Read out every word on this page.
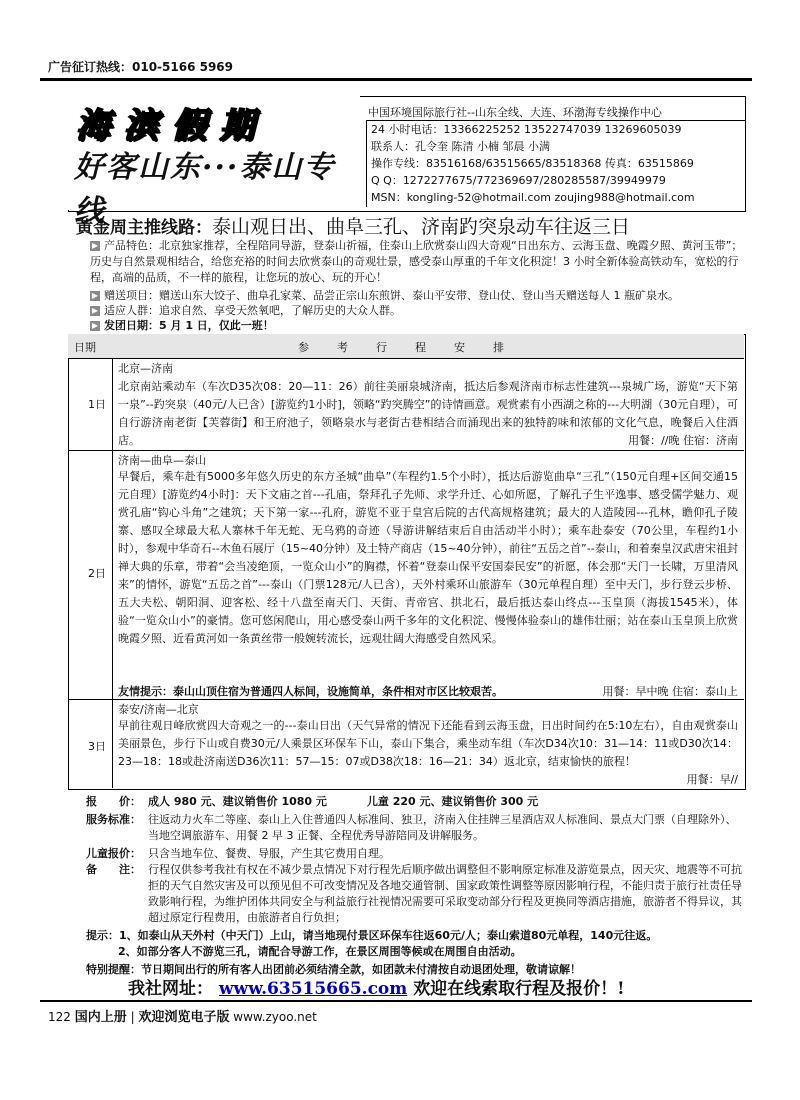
广告征订热线：010-5166 5969
海滨假期
好客山东···泰山专线
中国环境国际旅行社--山东全线、大连、环渤海专线操作中心
24 小时电话：13366225252 13522747039 13269605039
联系人：孔令奎 陈清 小楠 邹晨 小满
操作专线：83516168/63515665/83518368 传真：63515869
Q Q：1272277675/772369697/280285587/39949979
MSN：kongling-52@hotmail.com zoujing988@hotmail.com
黄金周主推线路：泰山观日出、曲阜三孔、济南趵突泉动车往返三日
▶ 产品特色：北京独家推荐，全程陪同导游，登泰山祈福，住泰山上欣赏泰山四大奇观“日出东方、云海玉盘、晚霞夕照、黄河玉带”；历史与自然景观相结合，给您充裕的时间去欣赏泰山的奇观壮景，感受泰山厚重的千年文化积淀！3 小时全新体验高铁动车，宽松的行程，高端的品质，不一样的旅程，让您玩的放心、玩的开心！
▶ 赠送项目：赠送山东大饺子、曲阜孔家菜、品尝正宗山东煎饼、泰山平安带、登山仗、登山当天赠送每人 1 瓶矿泉水。
▶ 适应人群：追求自然、享受天然氧吧，了解历史的大众人群。
▶ 发团日期：5 月 1 日，仅此一班！
日期	参考行程安排
1日
北京—济南
北京南站乘动车（车次D35次08：20—11：26）前往美丽泉城济南，抵达后参观济南市标志性建筑---泉城广场，游览“天下第一泉”--趵突泉（40元/人已含）[游览约1小时]，领略“趵突腾空”的诗情画意。观赏素有小西湖之称的---大明湖（30元自理），可自行游济南老街【芙蓉街】和王府池子，领略泉水与老街古巷相结合而涌现出来的独特韵味和浓郁的文化气息，晚餐后入住酒店。	用餐：//晚 住宿：济南
2日
济南—曲阜—泰山
早餐后，乘车赴有5000多年悠久历史的东方圣城“曲阜”（车程约1.5个小时），抵达后游览曲阜“三孔”（150元自理+区间交通15元自理）[游览约4小时]：天下文庙之首---孔庙，祭拜孔子先师、求学升迁、心如所愿，了解孔子生平逸事、感受儒学魅力、观赏孔庙“钩心斗角”之建筑；天下第一家---孔府，游览不亚于皇宫后院的古代高规格建筑；最大的人造陵园---孔林，瞻仰孔子陵寨、感叹全球最大私人寨林千年无蛇、无乌鸦的奇迹（导游讲解结束后自由活动半小时）；乘车赴泰安（70公里，车程约1小时），参观中华奇石--木鱼石展厅（15~40分钟）及土特产商店（15~40分钟），前往“五岳之首”--泰山，和着秦皇汉武唐宋祖封禅大典的乐章，带着“会当凌绝顶，一览众山小”的胸襟，怀着“登泰山保平安国泰民安”的祈愿，体会那“天门一长啸，万里清风来”的情怀，游览“五岳之首”---泰山（门票128元/人已含），天外村乘环山旅游车（30元单程自理）至中天门，步行登云步桥、五大夫松、朝阳洞、迎客松、经十八盘至南天门、天街、青帝宫、拱北石，最后抵达泰山终点---玉皇顶（海拔1545米），体验“一览众山小”的豪情。您可悠闲爬山，用心感受泰山两千多年的文化积淀、慢慢体验泰山的雄伟壮丽；站在泰山玉皇顶上欣赏晚霞夕照、近看黄河如一条黄丝带一般婉转流长，远观壮阔大海感受自然风采。
友情提示：泰山山顶住宿为普通四人标间，设施简单，条件相对市区比较艰苦。	用餐：早中晚 住宿：泰山上
3日
泰安/济南—北京
早前往观日峰欣赏四大奇观之一的---泰山日出（天气异常的情况下还能看到云海玉盘，日出时间约在5:10左右），自由观赏泰山美丽景色，步行下山或自费30元/人乘景区环保车下山，泰山下集合，乘坐动车组（车次D34次10：31—14：11或D30次14：23—18：18或赴济南送D36次11：57—15：07或D38次18：16—21：34）返北京，结束愉快的旅程！
用餐：早//
报　　价： 成人 980 元、建议销售价 1080 元	儿童 220 元、建议销售价 300 元
服务标准： 往返动力火车二等座、泰山上入住普通四人标准间、独卫，济南入住挂牌三星酒店双人标准间、景点大门票（自理除外）、当地空调旅游车、用餐 2 早 3 正餐、全程优秀导游陪同及讲解服务。
儿童报价： 只含当地车位、餐费、导服，产生其它费用自理。
备　　注： 行程仅供参考我社有权在不减少景点情况下对行程先后顺序做出调整但不影响原定标准及游览景点，因天灾、地震等不可抗拒的天气自然灾害及可以预见但不可改变情况及各地交通管制、国家政策性调整等原因影响行程，不能归责于旅行社责任导致影响行程，为维护团体共同安全与利益旅行社视情况需要可采取变动部分行程及更换同等酒店措施，旅游者不得异议，其超过原定行程费用，由旅游者自行负担；
提示：1、如泰山从天外村（中天门）上山，请当地现付景区环保车往返60元/人；泰山索道80元单程，140元往返。
2、如部分客人不游览三孔，请配合导游工作，在景区周围等候或在周围自由活动。
特别提醒：节日期间出行的所有客人出团前必须结清全款，如团款未付清按自动退团处理，敬请谅解！
我社网址： www.63515665.com 欢迎在线索取行程及报价！!
122 国内上册 | 欢迎浏览电子版 www.zyoo.net
